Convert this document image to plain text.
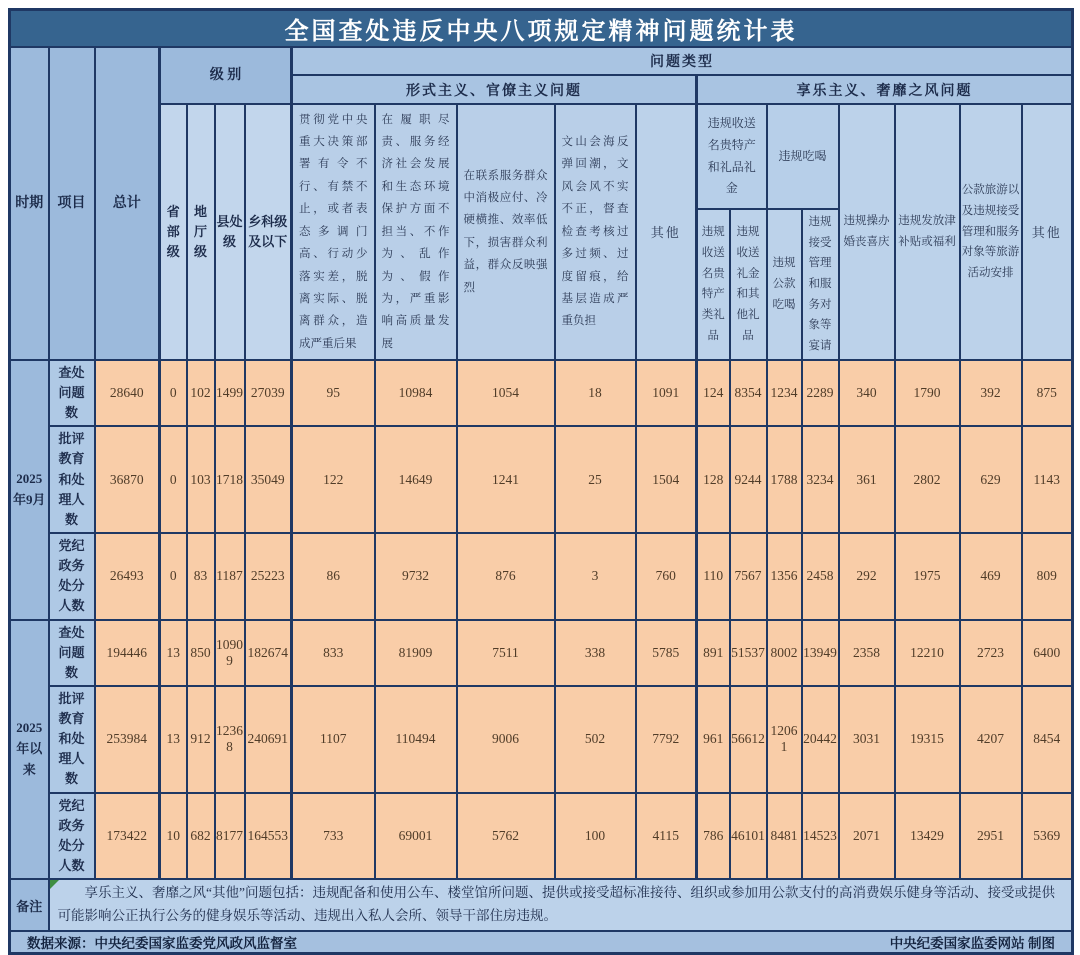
全国查处违反中央八项规定精神问题统计表																			
时期	项目	总计	级 别				问题类型												
							形式主义、官僚主义问题					享乐主义、奢靡之风问题							
			省部级	地厅级	县处级	乡科级及以下	贯彻党中央重大决策部署有令不行、有禁不止，或者表态多调门高、行动少落实差，脱离实际、脱离群众，造成严重后果	在履职尽责、服务经济社会发展和生态环境保护方面不担当、不作为、乱作为、假作为，严重影响高质量发展	在联系服务群众中消极应付、冷硬横推、效率低下，损害群众利益，群众反映强烈	文山会海反弹回潮，文风会风不实不正，督查检查考核过多过频、过度留痕，给基层造成严重负担	其他	违规收送名贵特产和礼品礼金		违规吃喝		违规操办婚丧喜庆	违规发放津补贴或福利	公款旅游以及违规接受管理和服务对象等旅游活动安排	其他
												违规收送名贵特产类礼品	违规收送礼金和其他礼品	违规公款吃喝	违规接受管理和服务对象等宴请				
2025年9月	查处问题数	28640	0	102	1499	27039	95	10984	1054	18	1091	124	8354	1234	2289	340	1790	392	875
	批评教育和处理人数	36870	0	103	1718	35049	122	14649	1241	25	1504	128	9244	1788	3234	361	2802	629	1143
	党纪政务处分人数	26493	0	83	1187	25223	86	9732	876	3	760	110	7567	1356	2458	292	1975	469	809
2025年以来	查处问题数	194446	13	850	10909	182674	833	81909	7511	338	5785	891	51537	8002	13949	2358	12210	2723	6400
	批评教育和处理人数	253984	13	912	12368	240691	1107	110494	9006	502	7792	961	56612	12061	20442	3031	19315	4207	8454
	党纪政务处分人数	173422	10	682	8177	164553	733	69001	5762	100	4115	786	46101	8481	14523	2071	13429	2951	5369
备注	享乐主义、奢靡之风“其他”问题包括：违规配备和使用公车、楼堂馆所问题、提供或接受超标准接待、组织或参加用公款支付的高消费娱乐健身等活动、接受或提供可能影响公正执行公务的健身娱乐等活动、违规出入私人会所、领导干部住房违规。																		

数据来源：中央纪委国家监委党风政风监督室 中央纪委国家监委网站 制图																			
